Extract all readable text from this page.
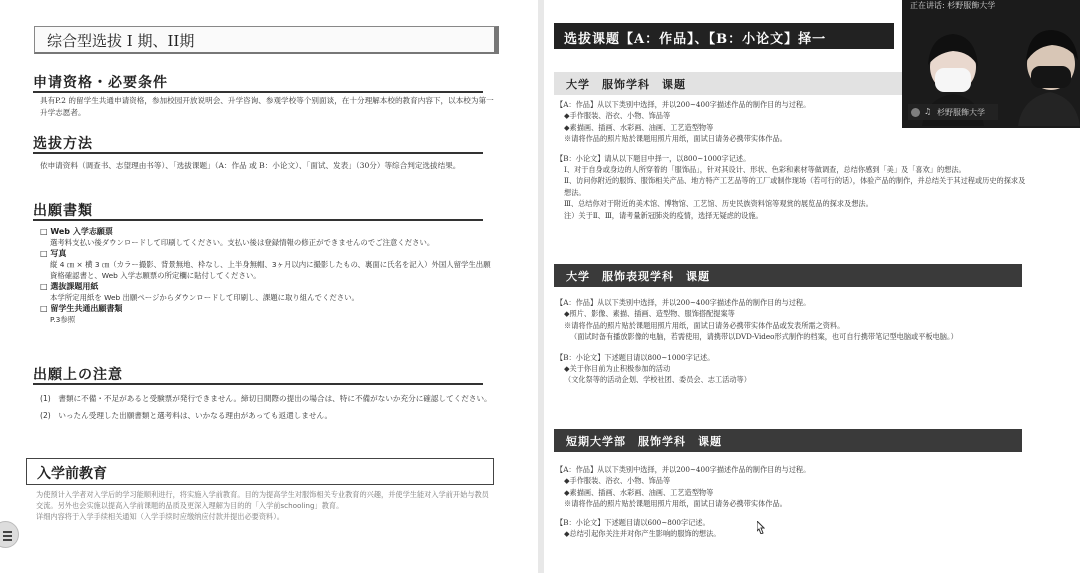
综合型选拔 Ⅰ 期、II期
申请资格・必要条件
具有P.2 的留学生共通申请资格，参加校园开放说明会、升学咨询、参观学校等个别面谈，在十分理解本校的教育内容下，以本校为第一升学志愿者。
选拔方法
依申请资料（调查书、志望理由书等）、「选拔课题」（A：作品 或 B：小论文）、「面试、发表」（30分）等综合判定选拔结果。
出願書類
□ Web 入学志願票
選考料支払い後ダウンロードして印刷してください。支払い後は登録情報の修正ができませんのでご注意ください。
□ 写真
縦 4 ㎝ × 横 3 ㎝（カラー撮影、背景無地、枠なし、上半身無帽、3ヶ月以内に撮影したもの、裏面に氏名を記入）外国人留学生出願資格確認書と、Web 入学志願票の所定欄に貼付してください。
□ 選抜課題用紙
本学所定用紙を Web 出願ページからダウンロードして印刷し、課題に取り組んでください。
□ 留学生共通出願書類
P.3参照
出願上の注意
(1)　 書類に不備・不足があると受験票が発行できません。締切日間際の提出の場合は、特に不備がないか充分に確認してください。
(2)　 いったん受理した出願書類と選考料は、いかなる理由があっても返還しません。
入学前教育
为使预计入学者对入学后的学习能顺利进行，将实施入学前教育。目的为提高学生对服饰相关专业教育的兴趣，并使学生能对入学前开始与教员交流。另外也会实施以提高入学前课题的品质及更深入理解为目的的「入学前schooling」教育。
详细内容将于入学手续相关通知（入学手续时应缴纳应付款并提出必要资料）。
选拔课题【A：作品】、【B：小论文】择一
大学　服饰学科　课题
【A：作品】从以下类别中选择，并以200~400字描述作品的制作目的与过程。
◆手作服装、浴衣、小物、饰品等
◆素描画、插画、水彩画、油画、工艺造型物等
※请将作品的照片贴於课题用照片用纸，面试日请务必携带实体作品。
【B：小论文】请从以下题目中择一，以800~1000字记述。
Ⅰ、对于自身或身边的人所穿着的「服饰品」，针对其设计、形状、色彩和素材等做调查，总结你感到「美」及「喜欢」的想法。
Ⅱ、访问你附近的服饰、服饰相关产品、地方特产工艺品等的工厂或制作现场（若可行的话），体验产品的制作，并总结关于其过程或历史的探求及想法。
Ⅲ、总结你对于附近的美术馆、博物馆、工艺馆、历史民族资料馆等观赏的展览品的探求及想法。
注）关于Ⅱ、Ⅲ，请考量新冠肺炎的疫情，选择无疑虑的设施。
大学　服饰表现学科　课题
【A：作品】从以下类别中选择，并以200~400字描述作品的制作目的与过程。
◆照片、影像、素描、插画、造型物、服饰搭配提案等
※请将作品的照片贴於课题用照片用纸，面试日请务必携带实体作品或发表所需之资料。
（面试时备有播放影像的电脑，若需使用，请携带以DVD-Video形式制作的档案，也可自行携带笔记型电脑或平板电脑。）
【B：小论文】下述题目请以800~1000字记述。
◆关于你目前为止积极参加的活动
（文化祭等的活动企划、学校社团、委员会、志工活动等）
短期大学部　服饰学科　课题
【A：作品】从以下类别中选择，并以200~400字描述作品的制作目的与过程。
◆手作服装、浴衣、小物、饰品等
◆素描画、插画、水彩画、油画、工艺造型物等
※请将作品的照片贴於课题用照片用纸，面试日请务必携带实体作品。
【B：小论文】下述题目请以600~800字记述。
◆总结引起你关注并对你产生影响的服饰的想法。
正在讲话: 杉野服飾大学
♫ 杉野服飾大学
